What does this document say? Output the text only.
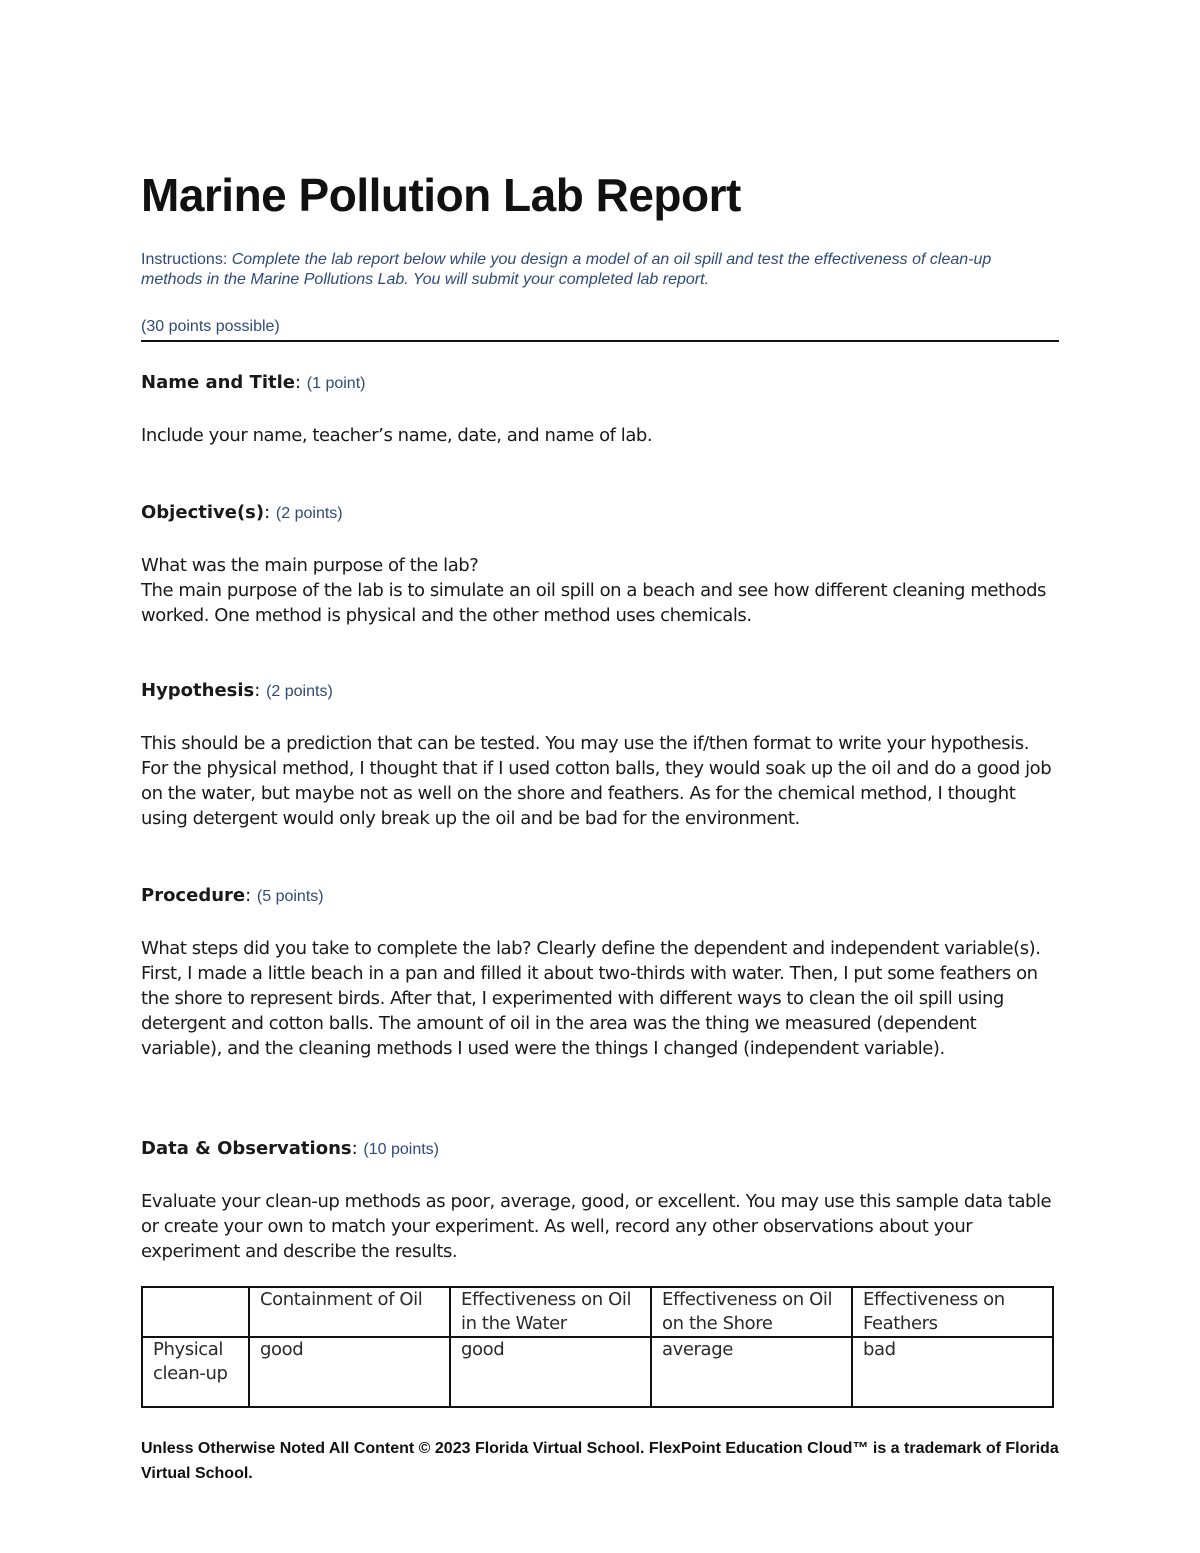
Marine Pollution Lab Report
Instructions: Complete the lab report below while you design a model of an oil spill and test the effectiveness of clean-up methods in the Marine Pollutions Lab. You will submit your completed lab report.
(30 points possible)
Name and Title: (1 point)

Include your name, teacher’s name, date, and name of lab.

Objective(s): (2 points)

What was the main purpose of the lab?

The main purpose of the lab is to simulate an oil spill on a beach and see how different cleaning methods worked. One method is physical and the other method uses chemicals.

Hypothesis: (2 points)

This should be a prediction that can be tested. You may use the if/then format to write your hypothesis.

For the physical method, I thought that if I used cotton balls, they would soak up the oil and do a good job on the water, but maybe not as well on the shore and feathers. As for the chemical method, I thought using detergent would only break up the oil and be bad for the environment.

Procedure: (5 points)

What steps did you take to complete the lab? Clearly define the dependent and independent variable(s).

First, I made a little beach in a pan and filled it about two-thirds with water. Then, I put some feathers on the shore to represent birds. After that, I experimented with different ways to clean the oil spill using detergent and cotton balls. The amount of oil in the area was the thing we measured (dependent variable), and the cleaning methods I used were the things I changed (independent variable).

Data & Observations: (10 points)

Evaluate your clean-up methods as poor, average, good, or excellent. You may use this sample data table or create your own to match your experiment. As well, record any other observations about your experiment and describe the results.

	Containment of Oil	Effectiveness on Oil in the Water	Effectiveness on Oil on the Shore	Effectiveness on Feathers
Physical clean-up	good	good	average	bad
Unless Otherwise Noted All Content © 2023 Florida Virtual School. FlexPoint Education Cloud™ is a trademark of Florida Virtual School.
